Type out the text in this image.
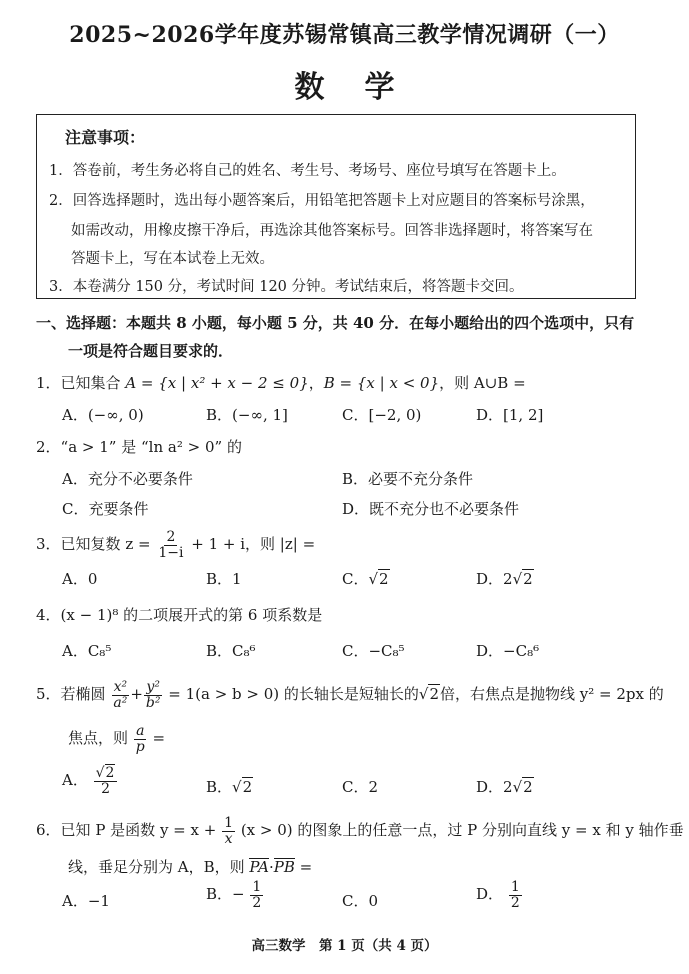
2025~2026学年度苏锡常镇高三教学情况调研（一）
数学
注意事项：
1．答卷前，考生务必将自己的姓名、考生号、考场号、座位号填写在答题卡上。
2．回答选择题时，选出每小题答案后，用铅笔把答题卡上对应题目的答案标号涂黑，
如需改动，用橡皮擦干净后，再选涂其他答案标号。回答非选择题时，将答案写在
答题卡上，写在本试卷上无效。
3．本卷满分 150 分，考试时间 120 分钟。考试结束后，将答题卡交回。
一、选择题：本题共 8 小题，每小题 5 分，共 40 分．在每小题给出的四个选项中，只有
一项是符合题目要求的．
1．已知集合 A = {x | x² + x − 2 ≤ 0}，B = {x | x < 0}，则 A∪B =
A．(−∞, 0)	B．(−∞, 1]	C．[−2, 0)	D．[1, 2]
2．“a > 1” 是 “ln a² > 0” 的
A．充分不必要条件	B．必要不充分条件
C．充要条件	D．既不充分也不必要条件
3．已知复数 $z = \frac{2}{1-i} + 1 + i$，则 |z| =
A．0	B．1	C．√2	D．2√2
4．(x − 1)⁸ 的二项展开式的第 6 项系数是
A．C₈⁵	B．C₈⁶	C．−C₈⁵	D．−C₈⁶
5．若椭圆 $\frac{\text{x²}}{\text{a²}} + \frac{\text{y²}}{\text{b²}} = 1(a > b > 0)$ 的长轴长是短轴长的√2倍，右焦点是抛物线 y² = 2px 的
焦点，则 $\frac{a}{p}$ =
A． $\frac{√2}{2}$	B．√2	C．2	D．2√2
6．已知 P 是函数 $y = x + \frac{1}{x} (x > 0)$ 的图象上的任意一点，过 P 分别向直线 y = x 和 y 轴作垂
线，垂足分别为 A，B，则 PA·PB =
A．−1	B．− $\frac{1}{2}$	C．0	D． $\frac{1}{2}$
高三数学　第 1 页（共 4 页）
